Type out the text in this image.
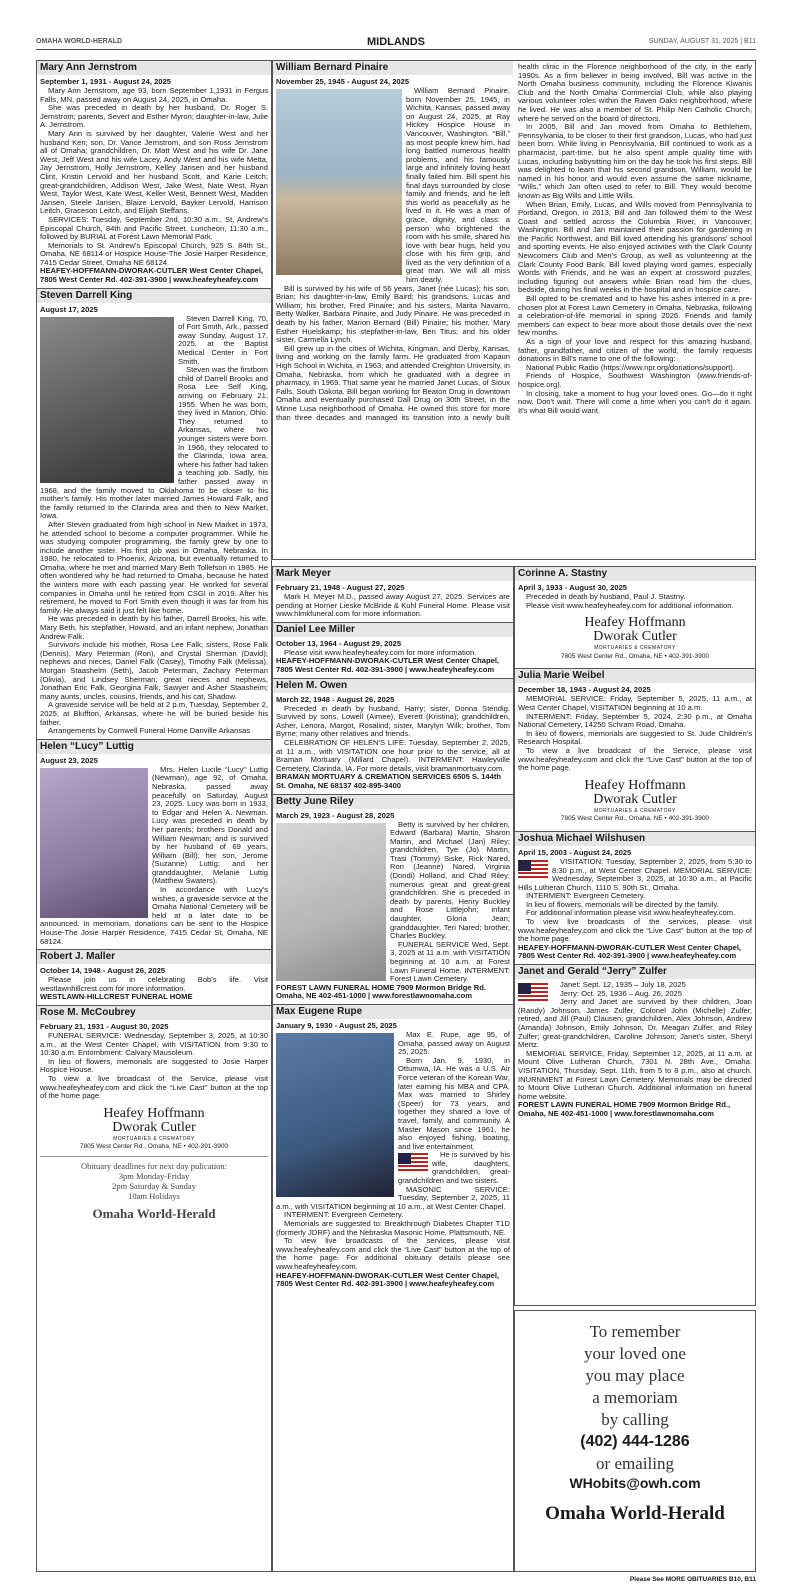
OMAHA WORLD-HERALD	MIDLANDS	SUNDAY, AUGUST 31, 2025 | B11
Mary Ann Jernstrom
September 1, 1931 - August 24, 2025

Mary Ann Jernstrom, age 93, born September 1,1931 in Fergus Falls, MN, passed away on August 24, 2025, in Omaha.

She was preceded in death by her husband, Dr. Roger S. Jernstrom; parents, Severt and Esther Myron; daughter-in-law, Julie A. Jernstrom.

Mary Ann is survived by her daughter, Valerie West and her husband Ken; son, Dr. Vance Jernstrom, and son Ross Jernstrom all of Omaha; grandchildren, Dr. Matt West and his wife Dr. Jane West, Jeff West and his wife Lacey, Andy West and his wife Metta, Jay Jernstrom, Holly Jernstrom, Kelley Jansen and her husband Clint, Kristin Lervold and her husband Scott, and Karie Leitch; great-grandchildren, Addison West, Jake West, Nate West, Ryan West, Taylor West, Kate West, Keller West, Bennett West, Madden Jansen, Steele Jansen, Blaize Lervold, Bayker Lervold, Harrison Leitch, Graceson Leitch, and Elijah Steffans.

SERVICES: Tuesday, September 2nd, 10:30 a.m., St. Andrew's Episcopal Church, 84th and Pacific Street. Luncheon, 11:30 a.m., followed by BURIAL at Forest Lawn Memorial Park.

Memorials to St. Andrew's Episcopal Church, 925 S. 84th St., Omaha, NE 68114 or Hospice House-The Josie Harper Residence, 7415 Cedar Street, Omaha NE 68124.

HEAFEY-HOFFMANN-DWORAK-CUTLER West Center Chapel, 7805 West Center Rd. 402-391-3900 | www.heafeyheafey.com
Steven Darrell King
August 17, 2025

Steven Darrell King, 70, of Fort Smith, Ark., passed away Sunday, August 17, 2025, at the Baptist Medical Center in Fort Smith.

Steven was the firstborn child of Darrell Brooks and Rosa Lee Self King, arriving on February 21, 1955. When he was born, they lived in Marion, Ohio. They returned to Arkansas, where two younger sisters were born. In 1966, they relocated to the Clarinda, Iowa area, where his father had taken a teaching job. Sadly, his father passed away in 1968, and the family moved to Oklahoma to be closer to his mother's family. His mother later married James Howard Falk, and the family returned to the Clarinda area and then to New Market, Iowa.

After Steven graduated from high school in New Market in 1973, he attended school to become a computer programmer. While he was studying computer programming, the family grew by one to include another sister. His first job was in Omaha, Nebraska. In 1980, he relocated to Phoenix, Arizona, but eventually returned to Omaha, where he met and married Mary Beth Tollefson in 1985. He often wondered why he had returned to Omaha, because he hated the winters more with each passing year. He worked for several companies in Omaha until he retired from CSGI in 2019. After his retirement, he moved to Fort Smith even though it was far from his family. He always said it just felt like home.

He was preceded in death by his father, Darrell Brooks, his wife, Mary Beth, his stepfather, Howard, and an infant nephew, Jonathan Andrew Falk.

Survivors include his mother, Rosa Lee Falk; sisters, Rose Falk (Dennis), Mary Peterman (Ron), and Crystal Sherman (David); nephews and nieces, Daniel Falk (Casey), Timothy Falk (Melissa), Morgan Staashelm (Seth), Jacob Peterman, Zachary Peterman (Olivia), and Lindsey Sherman; great nieces and nephews, Jonathan Eric Falk, Georgina Falk, Sawyer and Asher Staasheim; many aunts, uncles, cousins, friends, and his cat, Shadow.

A graveside service will be held at 2 p.m, Tuesday, September 2, 2025, at Bluffton, Arkansas, where he will be buried beside his father.

Arrangements by Cornwell Funeral Home Danville Arkansas

Helen “Lucy” Luttig
August 23, 2025

Mrs. Helen Lucile “Lucy” Luttig (Newman), age 92, of Omaha, Nebraska, passed away peacefully on Saturday, August 23, 2025. Lucy was born in 1933, to Edgar and Helen A. Newman. Lucy was preceded in death by her parents; brothers Donald and William Newman; and is survived by her husband of 69 years, William (Bill); her son, Jerome (Suzanne) Luttig; and her granddaughter, Melanie Luttig (Matthew Swaters).

In accordance with Lucy's wishes, a graveside service at the Omaha National Cemetery will be held at a later date to be announced. In memoriam, donations can be sent to the Hospice House-The Josie Harper Residence, 7415 Cedar St, Omaha, NE 68124.

Robert J. Maller
October 14, 1948 - August 26, 2025

Please join us in celebrating Bob's life. Visit westlawnhillcrest.com for more information.

WESTLAWN-HILLCREST FUNERAL HOME
Rose M. McCoubrey
February 21, 1931 - August 30, 2025

FUNERAL SERVICE: Wednesday, September 3, 2025, at 10:30 a.m., at the West Center Chapel, with VISITATION from 9:30 to 10:30 a.m. Entombment: Calvary Mausoleum.

In lieu of flowers, memorials are suggested to Josie Harper Hospice House.

To view a live broadcast of the Service, please visit www.heafeyheafey.com and click the “Live Cast” button at the top of the home page.

Heafey Hoffmann
Dworak Cutler
MORTUARIES & CREMATORY
7805 West Center Rd., Omaha, NE • 402-391-3900
Obituary deadlines for next day pulication:
3pm Monday-Friday
2pm Saturday & Sunday
10am Holidays
Omaha World-Herald
William Bernard Pinaire
November 25, 1945 - August 24, 2025

William Bernard Pinaire, born November 25, 1945, in Wichita, Kansas, passed away on August 24, 2025, at Ray Hickey Hospice House in Vancouver, Washington. “Bill,” as most people knew him, had long battled numerous health problems, and his famously large and infinitely loving heart finally failed him. Bill spent his final days surrounded by close family and friends, and he left this world as peacefully as he lived in it. He was a man of grace, dignity, and class: a person who brightened the room with his smile, shared his love with bear hugs, held you close with his firm grip, and lived as the very definition of a great man. We will all miss him dearly.

Bill is survived by his wife of 56 years, Janet (née Lucas); his son, Brian; his daughter-in-law, Emily Baird; his grandsons, Lucas and William; his brother, Fred Pinaire; and his sisters, Marita Navarro, Betty Walker, Barbara Pinaire, and Judy Pinaire. He was preceded in death by his father, Marion Bernard (Bill) Pinaire; his mother, Mary Esther Huelskamp; his stepfather-in-law, Ben Titus; and his older sister, Carmella Lynch.

Bill grew up in the cities of Wichita, Kingman, and Derby, Kansas, living and working on the family farm. He graduated from Kapaun High School in Wichita, in 1963, and attended Creighton University, in Omaha, Nebraska, from which he graduated with a degree in pharmacy, in 1969. That same year he married Janet Lucas, of Sioux Falls, South Dakota. Bill began working for Beaton Drug in downtown Omaha and eventually purchased Dall Drug on 30th Street, in the Minne Lusa neighborhood of Omaha. He owned this store for more than three decades and managed its transition into a newly built health clinic in the Florence neighborhood of the city, in the early 1990s. As a firm believer in being involved, Bill was active in the North Omaha business community, including the Florence Kiwanis Club and the North Omaha Commercial Club, while also playing various volunteer roles within the Raven Oaks neighborhood, where he lived. He was also a member of St. Philip Neri Catholic Church, where he served on the board of directors.

In 2005, Bill and Jan moved from Omaha to Bethlehem, Pennsylvania, to be closer to their first grandson, Lucas, who had just been born. While living in Pennsylvania, Bill continued to work as a pharmacist, part-time, but he also spent ample quality time with Lucas, including babysitting him on the day he took his first steps. Bill was delighted to learn that his second grandson, William, would be named in his honor and would even assume the same nickname, “Wills,” which Jan often used to refer to Bill. They would become known as Big Wills and Little Wills.

When Brian, Emily, Lucas, and Wills moved from Pennsylvania to Portland, Oregon, in 2013, Bill and Jan followed them to the West Coast and settled across the Columbia River, in Vancouver, Washington. Bill and Jan maintained their passion for gardening in the Pacific Northwest, and Bill loved attending his grandsons' school and sporting events. He also enjoyed activities with the Clark County Newcomers Club and Men's Group, as well as volunteering at the Clark County Food Bank. Bill loved playing word games, especially Words with Friends, and he was an expert at crossword puzzles, including figuring out answers while Brian read him the clues, bedside, during his final weeks in the hospital and in hospice care.

Bill opted to be cremated and to have his ashes interred in a pre-chosen plot at Forest Lawn Cemetery in Omaha, Nebraska, following a celebration-of-life memorial in spring 2026. Friends and family members can expect to hear more about those details over the next few months.

As a sign of your love and respect for this amazing husband, father, grandfather, and citizen of the world, the family requests donations in Bill's name to one of the following:

National Public Radio (https://www.npr.org/donations/support).

Friends of Hospice, Southwest Washington (www.friends-of-hospice.org).

In closing, take a moment to hug your loved ones. Go—do it right now. Don't wait. There will come a time when you can't do it again. It's what Bill would want.

Mark Meyer
February 21, 1948 - August 27, 2025

Mark H. Meyer M.D., passed away August 27, 2025. Services are pending at Horner Lieske McBride & Kuhl Funeral Home. Please visit www.hlmkfuneral.com for more information.

Daniel Lee Miller
October 13, 1964 - August 29, 2025

Please visit www.heafeyheafey.com for more information.

HEAFEY-HOFFMANN-DWORAK-CUTLER West Center Chapel, 7805 West Center Rd. 402-391-3900 | www.heafeyheafey.com
Helen M. Owen
March 22, 1948 - August 26, 2025

Preceded in death by husband, Harry; sister, Donna Stendig. Survived by sons, Lowell (Aimee), Everett (Kristina); grandchildren, Asher, Lenora, Margot, Rosalind; sister, Marylyn Wilk; brother, Tom Byrne; many other relatives and friends.

CELEBRATION OF HELEN'S LIFE: Tuesday, September 2, 2025, at 11 a.m., with VISITATION one hour prior to the service, all at Braman Mortuary (Millard Chapel). INTERMENT: Hawleyville Cemetery, Clarinda, IA. For more details, visit bramanmortuary.com.

BRAMAN MORTUARY & CREMATION SERVICES 6505 S. 144th St. Omaha, NE 68137 402-895-3400
Betty June Riley
March 29, 1923 - August 28, 2025

Betty is survived by her children, Edward (Barbara) Martin, Sharon Martin, and Michael (Jan) Riley; grandchildren, Tye (Jo) Martin, Trasi (Tommy) Siske, Rick Nared, Ron (Jeanne) Nared, Virginia (Dondi) Holland, and Chad Riley; numerous great and great-great grandchildren. She is preceded in death by parents, Henry Buckley and Rose Littlejohn; infant daughter, Gloria Jean; granddaughter, Teri Nared; brother, Charles Buckley.

FUNERAL SERVICE Wed, Sept. 3, 2025 at 11 a.m. with VISITATION beginning at 10 a.m. at Forest Lawn Funeral Home. INTERMENT: Forest Lawn Cemetery.

FOREST LAWN FUNERAL HOME 7909 Mormon Bridge Rd. Omaha, NE 402-451-1000 | www.forestlawnomaha.com
Max Eugene Rupe
January 9, 1930 - August 25, 2025

Max E. Rupe, age 95, of Omaha, passed away on August 25, 2025.

Born Jan. 9, 1930, in Ottumwa, IA. He was a U.S. Air Force veteran of the Korean War, later earning his MBA and CPA. Max was married to Shirley (Speer) for 73 years, and together they shared a love of travel, family, and community. A Master Mason since 1961, he also enjoyed fishing, boating, and live entertainment.

He is survived by his wife, daughters, grandchildren, great-grandchildren and two sisters.

MASONIC SERVICE: Tuesday, September 2, 2025, 11 a.m., with VISITATION beginning at 10 a.m., at West Center Chapel.

INTERMENT: Evergreen Cemetery.

Memorials are suggested to: Breakthrough Diabetes Chapter T1D (formerly JDRF) and the Nebraska Masonic Home, Plattsmouth, NE.

To view live broadcasts of the services, please visit www.heafeyheafey.com and click the “Live Cast” button at the top of the home page. For additional obituary details please see www.heafeyheafey.com.

HEAFEY-HOFFMANN-DWORAK-CUTLER West Center Chapel, 7805 West Center Rd. 402-391-3900 | www.heafeyheafey.com
Corinne A. Stastny
April 3, 1933 - August 30, 2025

Preceded in death by husband, Paul J. Stastny.

Please visit www.heafeyheafey.com for additional information.

Heafey Hoffmann
Dworak Cutler
MORTUARIES & CREMATORY
7805 West Center Rd., Omaha, NE • 402-391-3900
Julia Marie Weibel
December 18, 1943 - August 24, 2025

MEMORIAL SERVICE: Friday, September 5, 2025, 11 a.m., at West Center Chapel, VISITATION beginning at 10 a.m.

INTERMENT: Friday, September 5, 2024, 2:30 p.m., at Omaha National Cemetery, 14250 Schram Road, Omaha.

In lieu of flowers, memorials are suggested to St. Jude Children's Research Hospital.

To view a live broadcast of the Service, please visit www.heafeyheafey.com and click the “Live Cast” button at the top of the home page.

Heafey Hoffmann
Dworak Cutler
MORTUARIES & CREMATORY
7805 West Center Rd., Omaha, NE • 402-391-3900
Joshua Michael Wilshusen
April 15, 2003 - August 24, 2025

VISITATION: Tuesday, September 2, 2025, from 5:30 to 8:30 p.m., at West Center Chapel. MEMORIAL SERVICE: Wednesday, September 3, 2025, at 10:30 a.m., at Pacific Hills Lutheran Church, 1110 S. 90th St., Omaha.

INTERMENT: Evergreen Cemetery.

In lieu of flowers, memorials will be directed by the family.

For additional information please visit www.heafeyheafey.com.

To view live broadcasts of the services, please visit www.heafeyheafey.com and click the “Live Cast” button at the top of the home page.

HEAFEY-HOFFMANN-DWORAK-CUTLER West Center Chapel, 7805 West Center Rd. 402-391-3900 | www.heafeyheafey.com
Janet and Gerald “Jerry” Zulfer

Janet: Sept. 12, 1935 – July 18, 2025

Jerry: Oct. 25, 1936 – Aug. 26, 2025

Jerry and Janet are survived by their children, Joan (Randy) Johnson, James Zulfer, Colonel John (Michelle) Zulfer, retired, and Jill (Paul) Clausen; grandchildren, Alex Johnson, Andrew (Amanda) Johnson, Emily Johnson, Dr. Meagan Zulfer, and Riley Zulfer; great-grandchildren, Caroline Johnson; Janet's sister, Sheryl Mertz.

MEMORIAL SERVICE, Friday, September 12, 2025, at 11 a.m. at Mount Olive Lutheran Church, 7301 N. 28th Ave., Omaha. VISITATION, Thursday, Sept. 11th, from 5 to 8 p.m., also at church. INURNMENT at Forest Lawn Cemetery. Memorials may be directed to Mount Olive Lutheran Church. Additional information on funeral home website.

FOREST LAWN FUNERAL HOME 7909 Mormon Bridge Rd., Omaha, NE 402-451-1000 | www.forestlawnomaha.com
To remember
your loved one
you may place
a memoriam
by calling
(402) 444-1286
or emailing
WHobits@owh.com
Omaha World-Herald
Please See MORE OBITUARIES B10, B11
